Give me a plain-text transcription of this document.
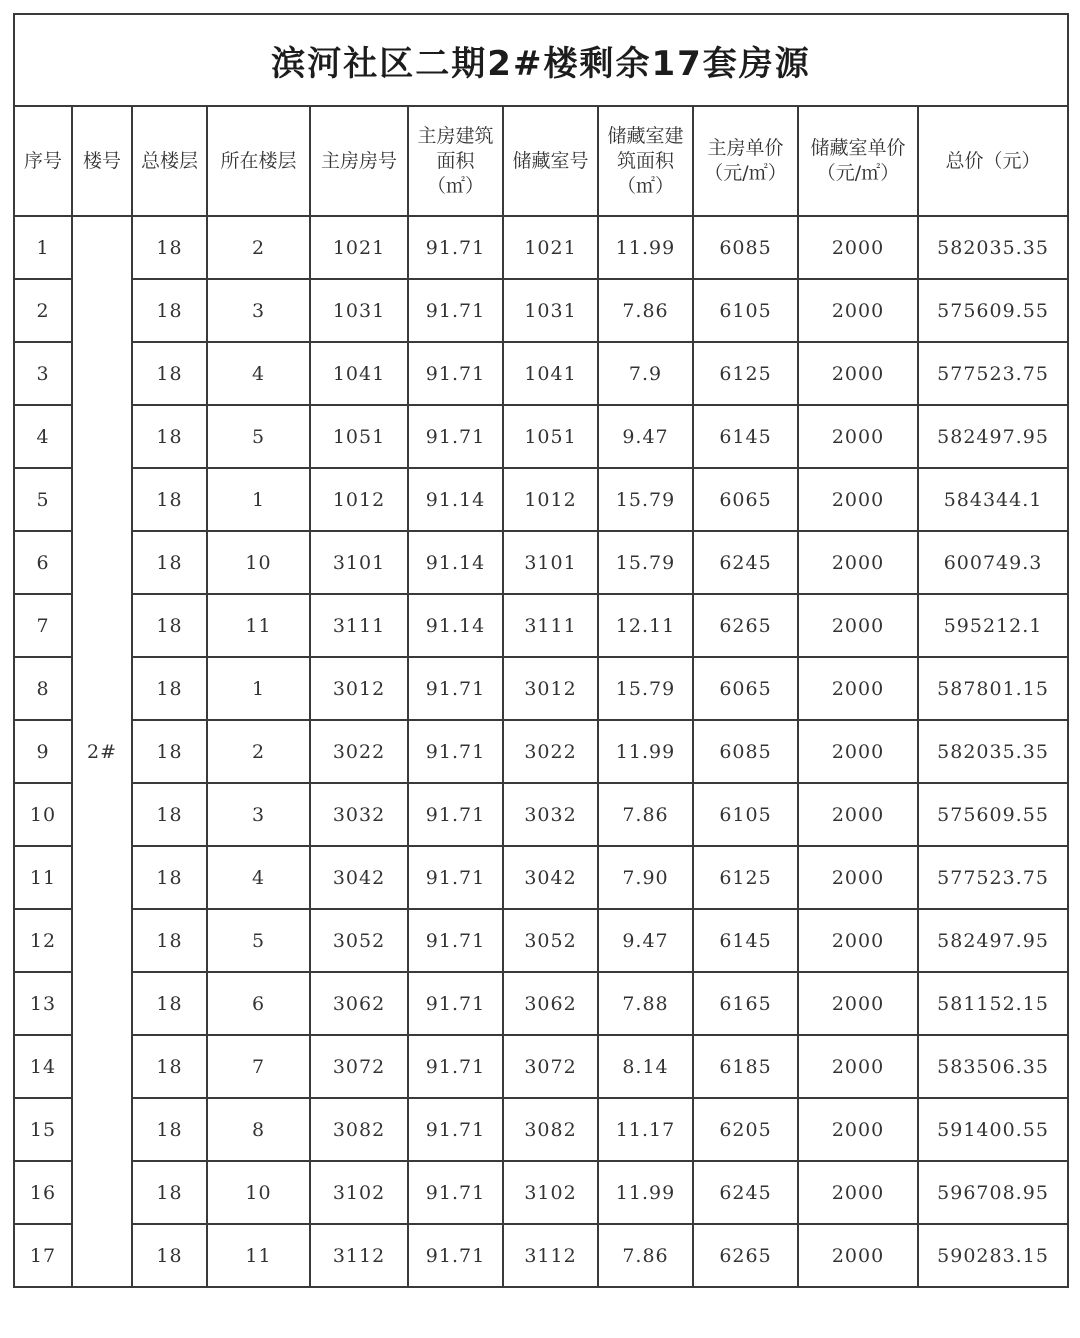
滨河社区二期2#楼剩余17套房源										

序号	楼号	总楼层	所在楼层	主房房号	主房建筑
面积
（㎡）	储藏室号	储藏室建
筑面积
（㎡）	主房单价
（元/㎡）	储藏室单价
（元/㎡）	总价（元）

1	2#	18	2	1021	91.71	1021	11.99	6085	2000	582035.35
2		18	3	1031	91.71	1031	7.86	6105	2000	575609.55
3		18	4	1041	91.71	1041	7.9	6125	2000	577523.75
4		18	5	1051	91.71	1051	9.47	6145	2000	582497.95
5		18	1	1012	91.14	1012	15.79	6065	2000	584344.1
6		18	10	3101	91.14	3101	15.79	6245	2000	600749.3
7		18	11	3111	91.14	3111	12.11	6265	2000	595212.1
8		18	1	3012	91.71	3012	15.79	6065	2000	587801.15
9		18	2	3022	91.71	3022	11.99	6085	2000	582035.35
10		18	3	3032	91.71	3032	7.86	6105	2000	575609.55
11		18	4	3042	91.71	3042	7.90	6125	2000	577523.75
12		18	5	3052	91.71	3052	9.47	6145	2000	582497.95
13		18	6	3062	91.71	3062	7.88	6165	2000	581152.15
14		18	7	3072	91.71	3072	8.14	6185	2000	583506.35
15		18	8	3082	91.71	3082	11.17	6205	2000	591400.55
16		18	10	3102	91.71	3102	11.99	6245	2000	596708.95
17		18	11	3112	91.71	3112	7.86	6265	2000	590283.15
